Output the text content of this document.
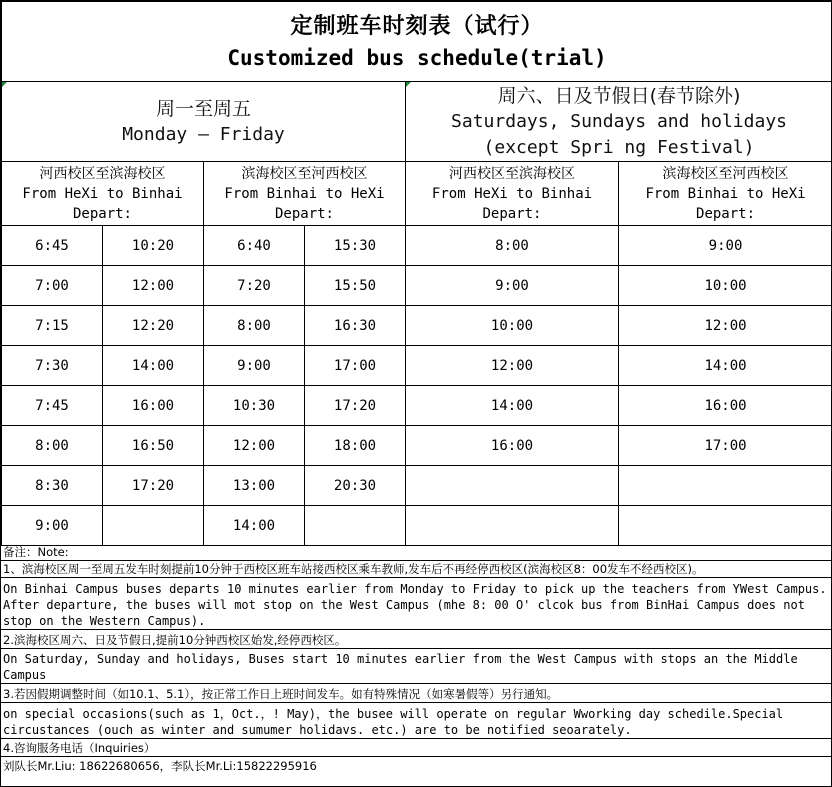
定制班车时刻表（试行）
Customized bus schedule(trial)					

周一至周五
Monday — Friday				周六、日及节假日(春节除外)
Saturdays, Sundays and holidays
(except Spri ng Festival)	

河西校区至滨海校区
From HeXi to Binhai
Depart:		滨海校区至河西校区
From Binhai to HeXi
Depart:		河西校区至滨海校区
From HeXi to Binhai
Depart:	滨海校区至河西校区
From Binhai to HeXi
Depart:

6:45	10:20	6:40	15:30	8:00	9:00
7:00	12:00	7:20	15:50	9:00	10:00
7:15	12:20	8:00	16:30	10:00	12:00
7:30	14:00	9:00	17:00	12:00	14:00
7:45	16:00	10:30	17:20	14:00	16:00
8:00	16:50	12:00	18:00	16:00	17:00
8:30	17:20	13:00	20:30		
9:00		14:00			
备注：Note:
1、滨海校区周一至周五发车时刻提前10分钟于西校区班车站接西校区乘车教师,发车后不再经停西校区(滨海校区8：00发车不经西校区)。
On Binhai Campus buses departs 10 minutes earlier from Monday to Friday to pick up the teachers from YWest Campus. After departure, the buses will mot stop on the West Campus (mhe 8: 00 O' clcok bus from BinHai Campus does not stop on the Western Campus).
2.滨海校区周六、日及节假日,提前10分钟西校区始发,经停西校区。
On Saturday, Sunday and holidays, Buses start 10 minutes earlier from the West Campus with stops an the Middle Campus
3.若因假期调整时间（如10.1、5.1），按正常工作日上班时间发车。如有特殊情况（如寒暑假等）另行通知。
on special occasions(such as 1，Oct.，! May)，the busee will operate on regular Wworking day schedile.Special circustances (ouch as winter and sumumer holidavs. etc.) are to be notified seoarately.
4.咨询服务电话（Inquiries）
刘队长Mr.Liu: 18622680656，李队长Mr.Li:15822295916
